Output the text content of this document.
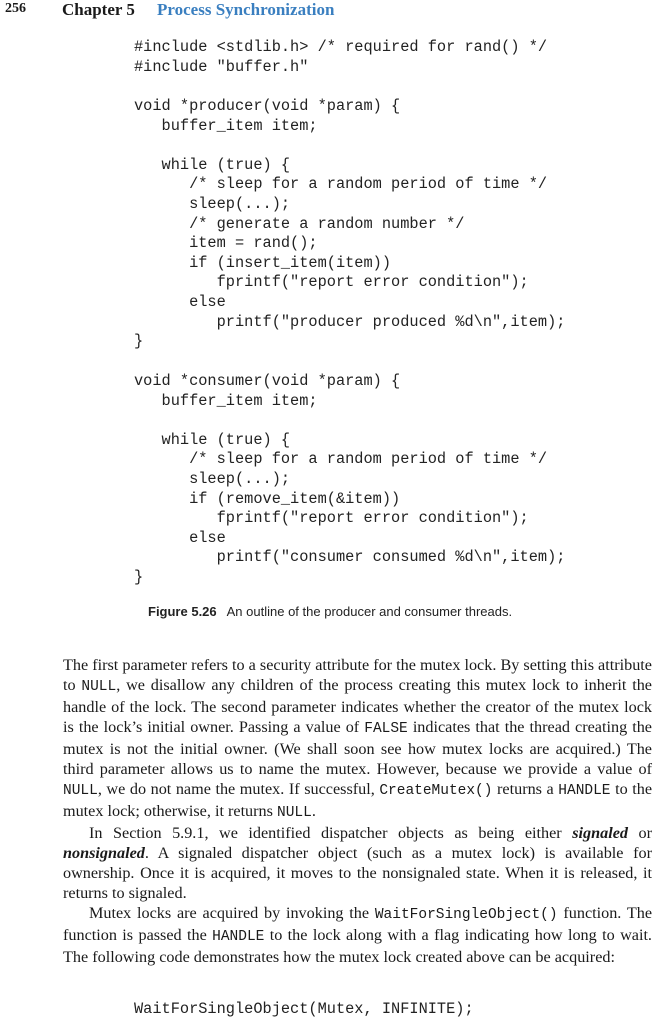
256 Chapter 5 Process Synchronization
#include <stdlib.h> /* required for rand() */
#include "buffer.h"
void *producer(void *param) {
buffer_item item;

while (true) {
/* sleep for a random period of time */
sleep(...);
/* generate a random number */
item = rand();
if (insert_item(item))
fprintf("report error condition");
else
printf("producer produced %d\n",item);
}
void *consumer(void *param) {
buffer_item item;

while (true) {
/* sleep for a random period of time */
sleep(...);
if (remove_item(&item))
fprintf("report error condition");
else
printf("consumer consumed %d\n",item);
}
Figure 5.26 An outline of the producer and consumer threads.

The first parameter refers to a security attribute for the mutex lock. By setting this attribute to NULL, we disallow any children of the process creating this mutex lock to inherit the handle of the lock. The second parameter indicates whether the creator of the mutex lock is the lock’s initial owner. Passing a value of FALSE indicates that the thread creating the mutex is not the initial owner. (We shall soon see how mutex locks are acquired.) The third parameter allows us to name the mutex. However, because we provide a value of NULL, we do not name the mutex. If successful, CreateMutex() returns a HANDLE to the mutex lock; otherwise, it returns NULL.

In Section 5.9.1, we identified dispatcher objects as being either signaled or nonsignaled. A signaled dispatcher object (such as a mutex lock) is available for ownership. Once it is acquired, it moves to the nonsignaled state. When it is released, it returns to signaled.

Mutex locks are acquired by invoking the WaitForSingleObject() function. The function is passed the HANDLE to the lock along with a flag indicating how long to wait. The following code demonstrates how the mutex lock created above can be acquired:

WaitForSingleObject(Mutex, INFINITE);
